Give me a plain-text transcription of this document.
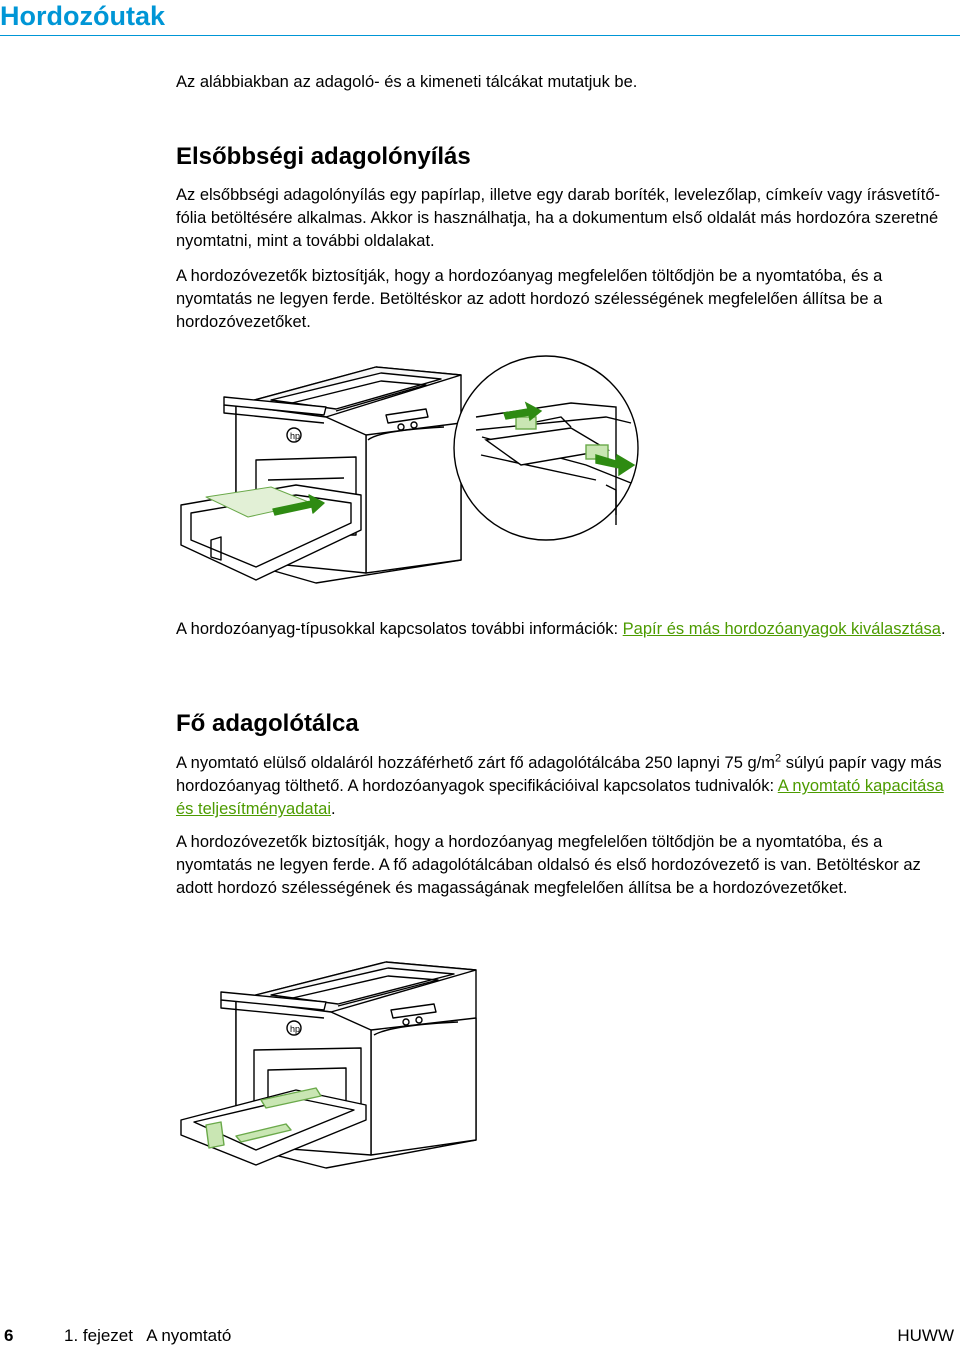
Hordozóutak

Az alábbiakban az adagoló- és a kimeneti tálcákat mutatjuk be.

Elsőbbségi adagolónyílás

Az elsőbbségi adagolónyílás egy papírlap, illetve egy darab boríték, levelezőlap, címkeív vagy írásvetítő-fólia betöltésére alkalmas. Akkor is használhatja, ha a dokumentum első oldalát más hordozóra szeretné nyomtatni, mint a további oldalakat.

A hordozóvezetők biztosítják, hogy a hordozóanyag megfelelően töltődjön be a nyomtatóba, és a nyomtatás ne legyen ferde. Betöltéskor az adott hordozó szélességének megfelelően állítsa be a hordozóvezetőket.

hp

A hordozóanyag-típusokkal kapcsolatos további információk: Papír és más hordozóanyagok kiválasztása.

Fő adagolótálca

A nyomtató elülső oldaláról hozzáférhető zárt fő adagolótálcába 250 lapnyi 75 $g/m^2$ súlyú papír vagy más hordozóanyag tölthető. A hordozóanyagok specifikációival kapcsolatos tudnivalók: A nyomtató kapacitása és teljesítményadatai.

A hordozóvezetők biztosítják, hogy a hordozóanyag megfelelően töltődjön be a nyomtatóba, és a nyomtatás ne legyen ferde. A fő adagolótálcában oldalsó és első hordozóvezető is van. Betöltéskor az adott hordozó szélességének és magasságának megfelelően állítsa be a hordozóvezetőket.

hp
6	1. fejezet   A nyomtató	HUWW
